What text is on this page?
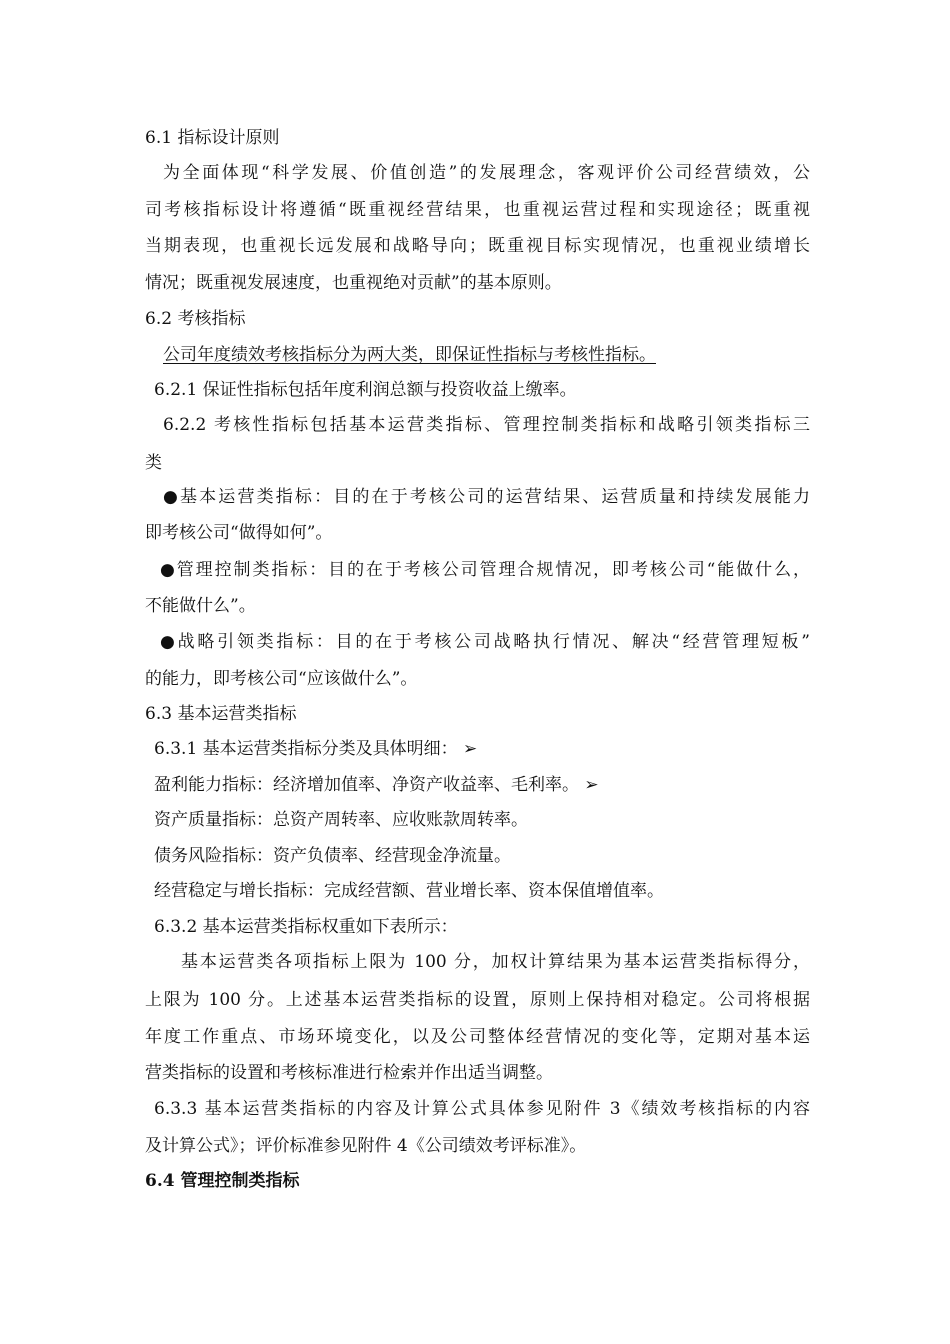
6.1 指标设计原则
为全面体现“科学发展、价值创造”的发展理念，客观评价公司经营绩效，公
司考核指标设计将遵循“既重视经营结果，也重视运营过程和实现途径；既重视
当期表现，也重视长远发展和战略导向；既重视目标实现情况，也重视业绩增长
情况；既重视发展速度，也重视绝对贡献”的基本原则。
6.2 考核指标
公司年度绩效考核指标分为两大类，即保证性指标与考核性指标。
6.2.1 保证性指标包括年度利润总额与投资收益上缴率。
6.2.2 考核性指标包括基本运营类指标、管理控制类指标和战略引领类指标三
类
●基本运营类指标：目的在于考核公司的运营结果、运营质量和持续发展能力
即考核公司“做得如何”。
●管理控制类指标：目的在于考核公司管理合规情况，即考核公司“能做什么，
不能做什么”。
●战略引领类指标：目的在于考核公司战略执行情况、解决“经营管理短板”
的能力，即考核公司“应该做什么”。
6.3 基本运营类指标
6.3.1 基本运营类指标分类及具体明细： ➢
盈利能力指标：经济增加值率、净资产收益率、毛利率。 ➢
资产质量指标：总资产周转率、应收账款周转率。
债务风险指标：资产负债率、经营现金净流量。
经营稳定与增长指标：完成经营额、营业增长率、资本保值增值率。
6.3.2 基本运营类指标权重如下表所示：
基本运营类各项指标上限为 100 分，加权计算结果为基本运营类指标得分，
上限为 100 分。上述基本运营类指标的设置，原则上保持相对稳定。公司将根据
年度工作重点、市场环境变化，以及公司整体经营情况的变化等，定期对基本运
营类指标的设置和考核标准进行检索并作出适当调整。
6.3.3 基本运营类指标的内容及计算公式具体参见附件 3《绩效考核指标的内容
及计算公式》；评价标准参见附件 4《公司绩效考评标准》。
6.4 管理控制类指标
